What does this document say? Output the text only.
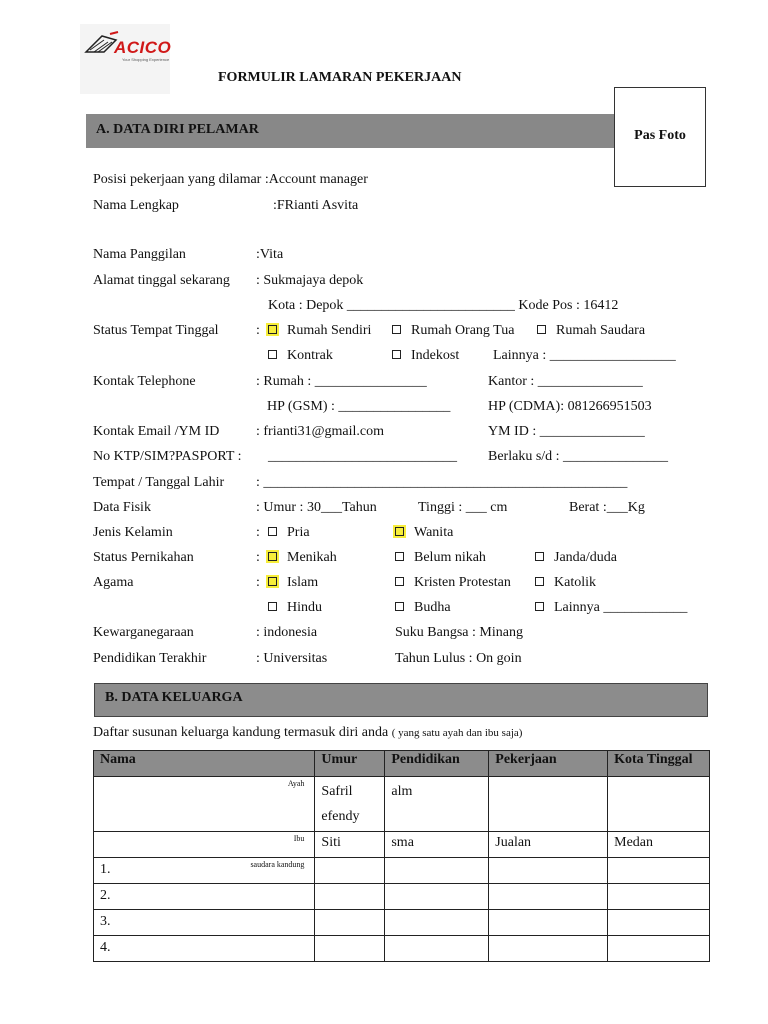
ACICO
Your Shopping Experience
FORMULIR LAMARAN PEKERJAAN
Pas Foto
A. DATA DIRI PELAMAR
Posisi pekerjaan yang dilamar :Account manager
Nama Lengkap	:FRianti Asvita
Nama Panggilan	:Vita
Alamat tinggal sekarang : Sukmajaya depok
Kota : Depok ________________________ Kode Pos : 16412
Status Tempat Tinggal	:	Rumah Sendiri	Rumah Orang Tua	Rumah Saudara
Kontrak	Indekost Lainnya : __________________
Kontak Telephone	: Rumah : ________________	Kantor : _______________
HP (GSM) : ________________	HP (CDMA): 081266951503
Kontak Email /YM ID	: frianti31@gmail.com	YM ID : _______________
No KTP/SIM?PASPORT : ___________________________ Berlaku s/d : _______________
Tempat / Tanggal Lahir : ____________________________________________________
Data Fisik	: Umur : 30___Tahun	Tinggi : ___ cm	Berat :___Kg
Jenis Kelamin	:	Pria	Wanita
Status Pernikahan	:	Menikah	Belum nikah	Janda/duda
Agama	:	Islam	Kristen Protestan	Katolik
Hindu	Budha	Lainnya ____________
Kewarganegaraan	: indonesia	Suku Bangsa : Minang
Pendidikan Terakhir	: Universitas	Tahun Lulus : On goin
B. DATA KELUARGA
Daftar susunan keluarga kandung termasuk diri anda ( yang satu ayah dan ibu saja)
Nama	Umur	Pendidikan	Pekerjaan	Kota Tinggal

Ayah	Safril efendy	alm		

Ibu	Siti	sma	Jualan	Medan

1. saudara kandung				

2.				

3.				

4.				
